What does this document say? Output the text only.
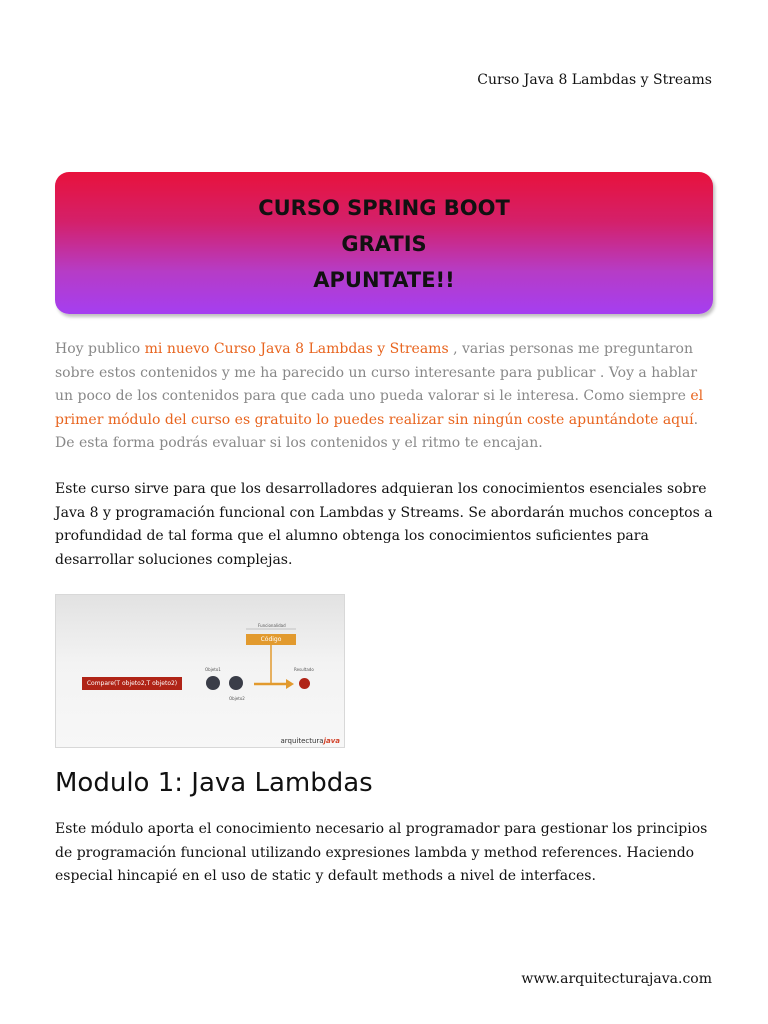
Curso Java 8 Lambdas y Streams
CURSO SPRING BOOT
GRATIS
APUNTATE!!

Hoy publico mi nuevo Curso Java 8 Lambdas y Streams , varias personas me preguntaron sobre estos contenidos y me ha parecido un curso interesante para publicar . Voy a hablar un poco de los contenidos para que cada uno pueda valorar si le interesa. Como siempre el primer módulo del curso es gratuito lo puedes realizar sin ningún coste apuntándote aquí. De esta forma podrás evaluar si los contenidos y el ritmo te encajan.

Este curso sirve para que los desarrolladores adquieran los conocimientos esenciales sobre Java 8 y programación funcional con Lambdas y Streams. Se abordarán muchos conceptos a profundidad de tal forma que el alumno obtenga los conocimientos suficientes para desarrollar soluciones complejas.

Funcionalidad
Código
Objeto1	Resultado
Compare(T objeto2,T objeto2)
Objeto2
arquitecturajava
Modulo 1: Java Lambdas

Este módulo aporta el conocimiento necesario al programador para gestionar los principios de programación funcional utilizando expresiones lambda y method references. Haciendo especial hincapié en el uso de static y default methods a nivel de interfaces.

www.arquitecturajava.com
